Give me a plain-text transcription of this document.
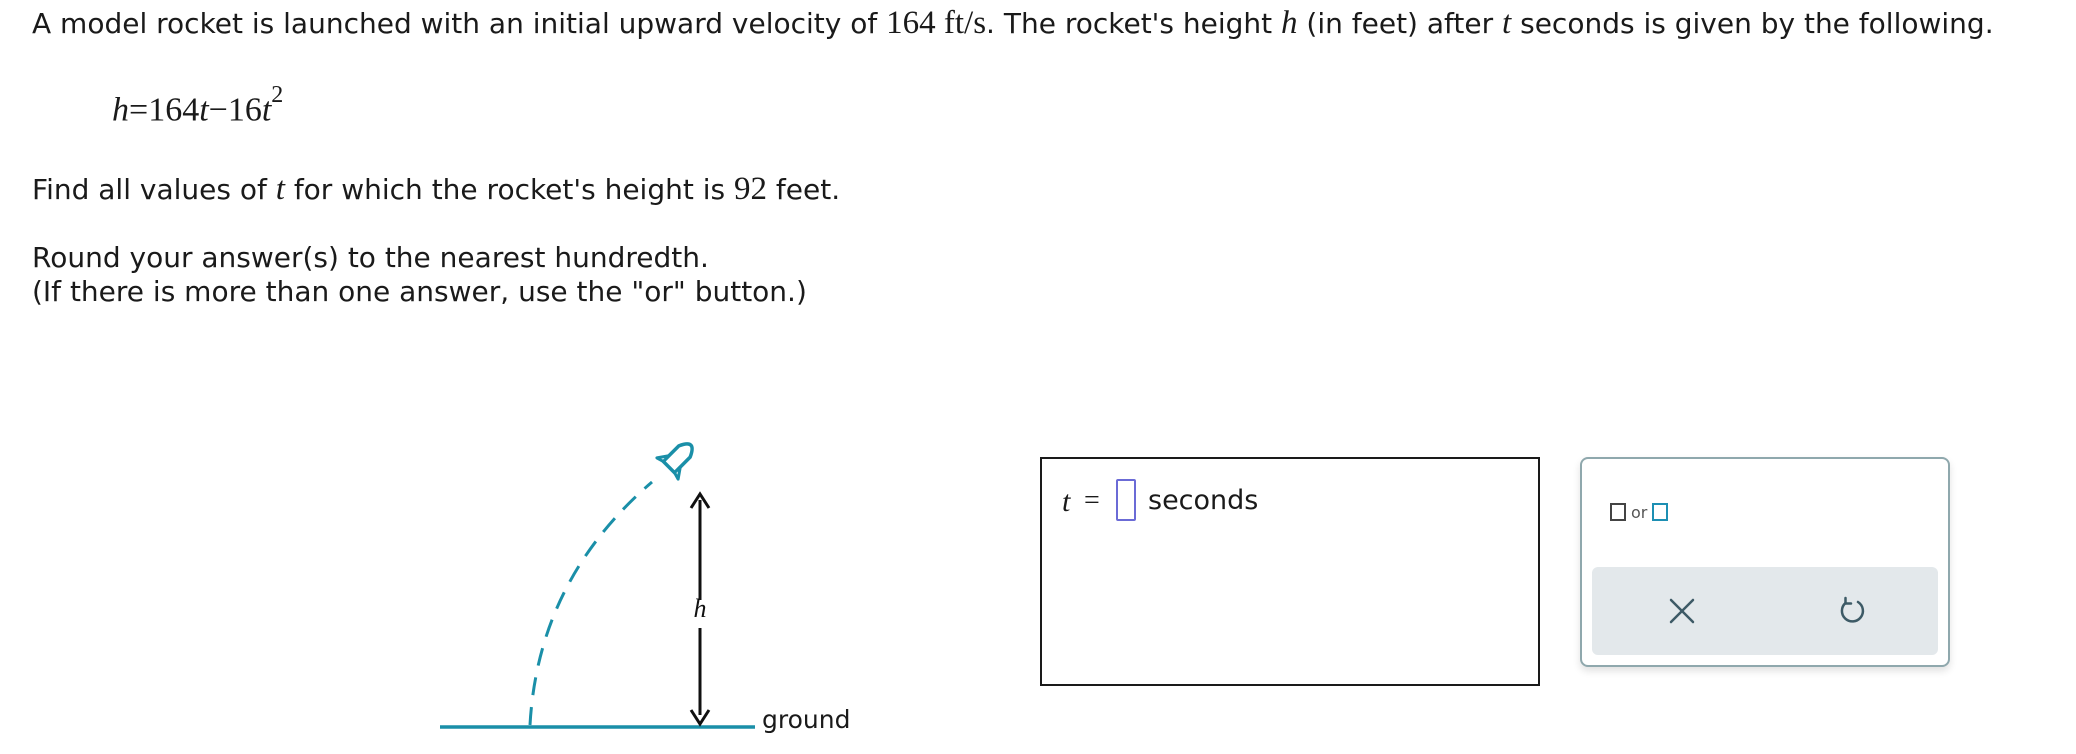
A model rocket is launched with an initial upward velocity of 164 ft/s. The rocket's height h (in feet) after t seconds is given by the following.
$h=164t-16t^2$
Find all values of t for which the rocket's height is 92 feet.
Round your answer(s) to the nearest hundredth.
(If there is more than one answer, use the "or" button.)
h
ground
t = seconds	or
